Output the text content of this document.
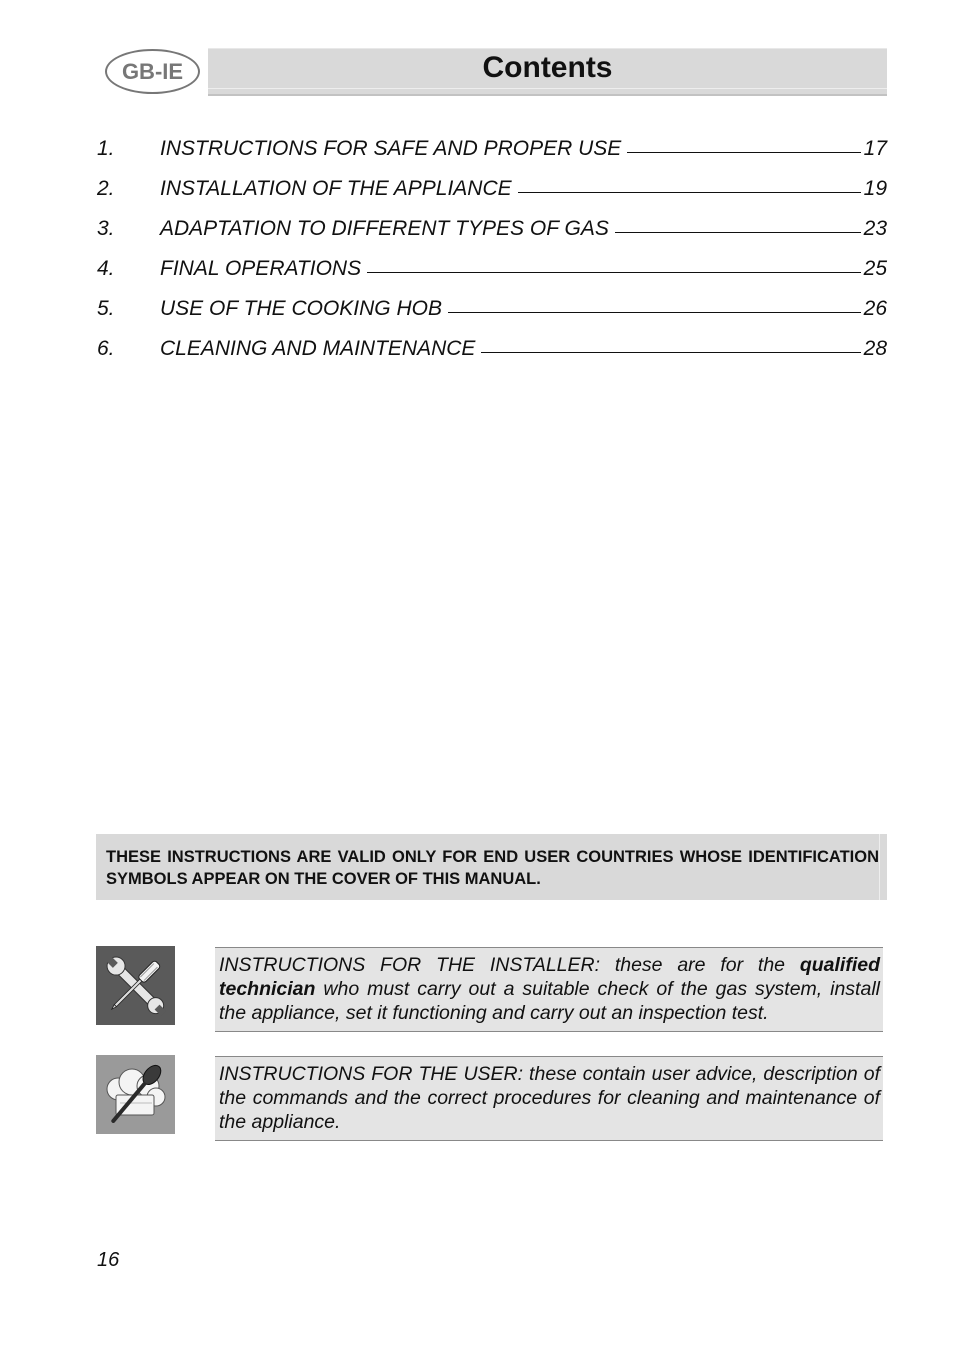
GB-IE	Contents
1. INSTRUCTIONS FOR SAFE AND PROPER USE	17
2. INSTALLATION OF THE APPLIANCE	19
3. ADAPTATION TO DIFFERENT TYPES OF GAS	23
4. FINAL OPERATIONS	25
5. USE OF THE COOKING HOB	26
6. CLEANING AND MAINTENANCE	28
THESE INSTRUCTIONS ARE VALID ONLY FOR END USER COUNTRIES WHOSE IDENTIFICATION SYMBOLS APPEAR ON THE COVER OF THIS MANUAL.
INSTRUCTIONS FOR THE INSTALLER: these are for the qualified technician who must carry out a suitable check of the gas system, install the appliance, set it functioning and carry out an inspection test.
INSTRUCTIONS FOR THE USER: these contain user advice, description of the commands and the correct procedures for cleaning and maintenance of the appliance.
16
